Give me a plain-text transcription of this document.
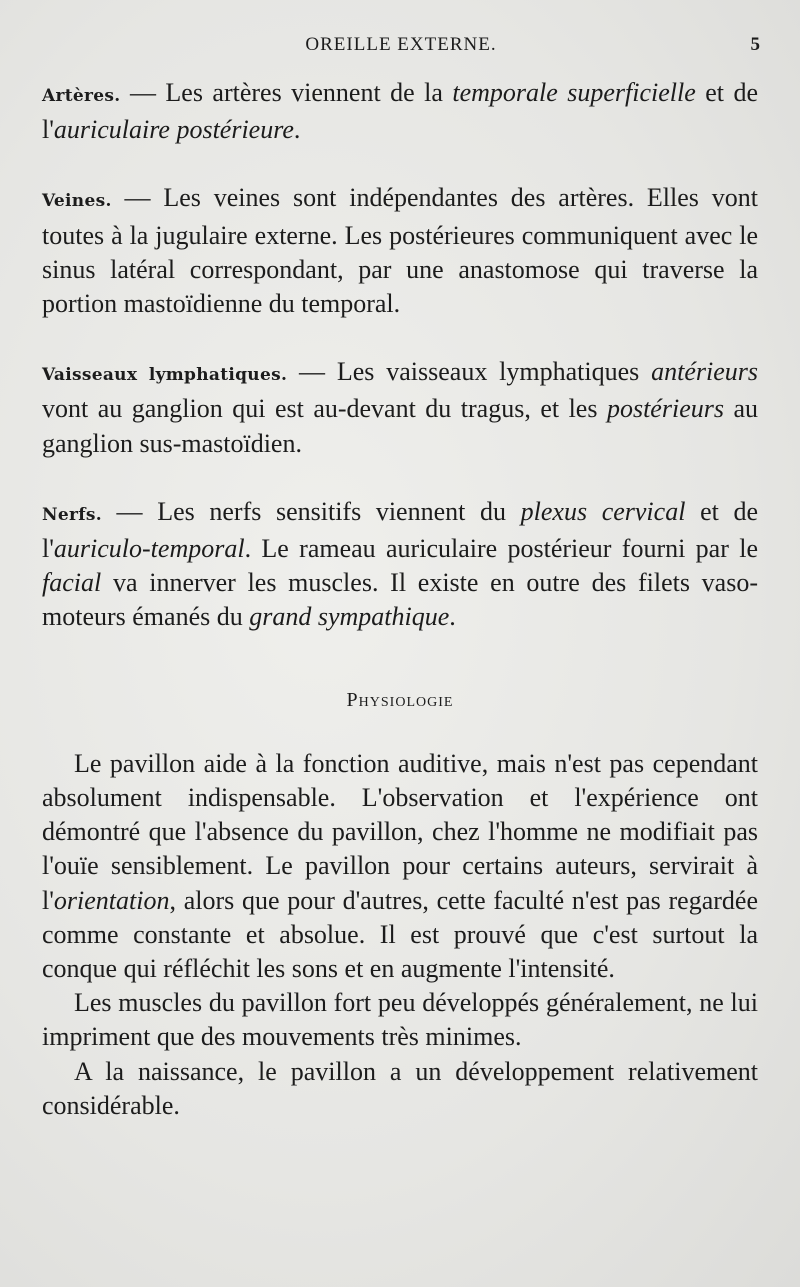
OREILLE EXTERNE.	5

Artères. — Les artères viennent de la temporale superficielle et de l'auriculaire postérieure.

Veines. — Les veines sont indépendantes des artères. Elles vont toutes à la jugulaire externe. Les postérieures communiquent avec le sinus latéral correspondant, par une anastomose qui traverse la portion mastoïdienne du temporal.

Vaisseaux lymphatiques. — Les vaisseaux lymphatiques antérieurs vont au ganglion qui est au-devant du tragus, et les postérieurs au ganglion sus-mastoïdien.

Nerfs. — Les nerfs sensitifs viennent du plexus cervical et de l'auriculo-temporal. Le rameau auriculaire postérieur fourni par le facial va innerver les muscles. Il existe en outre des filets vaso-moteurs émanés du grand sympathique.

Physiologie

Le pavillon aide à la fonction auditive, mais n'est pas cependant absolument indispensable. L'observation et l'expérience ont démontré que l'absence du pavillon, chez l'homme ne modifiait pas l'ouïe sensiblement. Le pavillon pour certains auteurs, servirait à l'orientation, alors que pour d'autres, cette faculté n'est pas regardée comme constante et absolue. Il est prouvé que c'est surtout la conque qui réfléchit les sons et en augmente l'intensité.

Les muscles du pavillon fort peu développés généralement, ne lui impriment que des mouvements très minimes.

A la naissance, le pavillon a un développement relativement considérable.
